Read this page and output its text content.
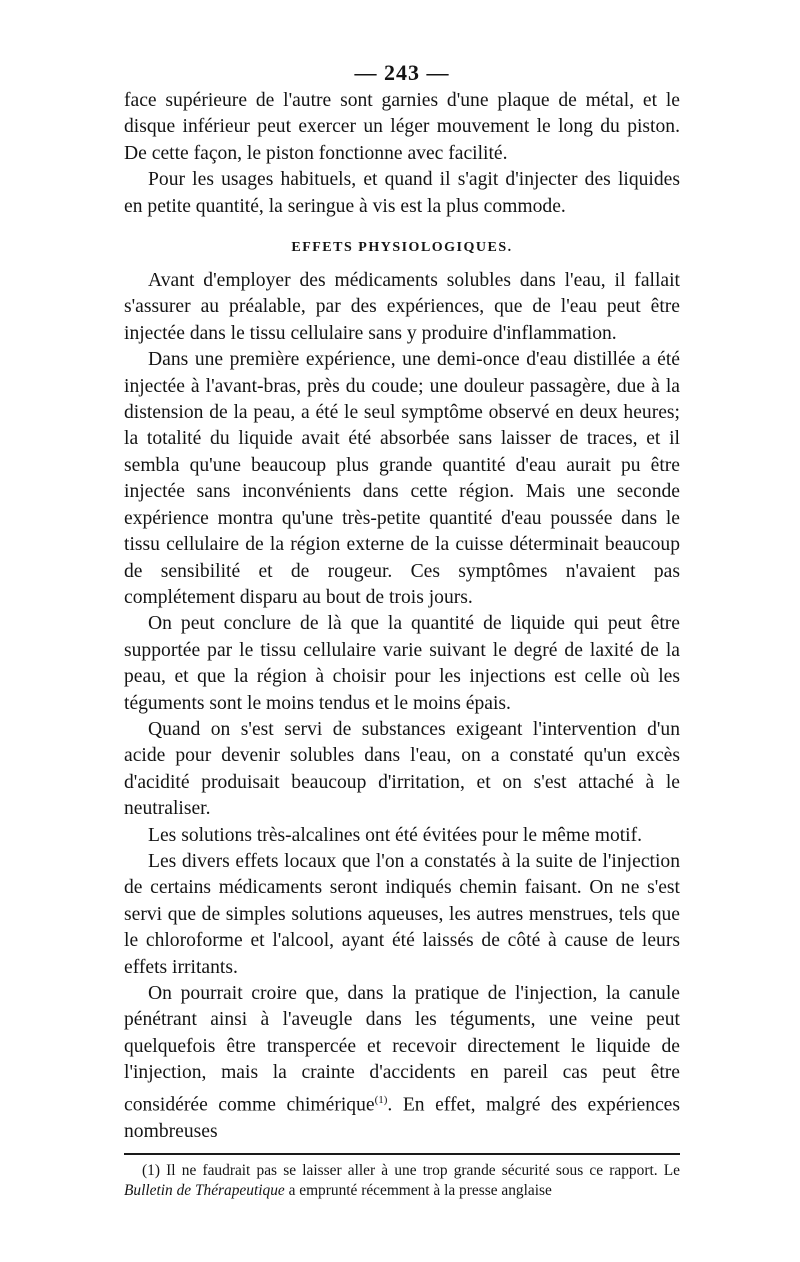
— 243 —

face supérieure de l'autre sont garnies d'une plaque de métal, et le disque inférieur peut exercer un léger mouvement le long du piston. De cette façon, le piston fonctionne avec facilité.

Pour les usages habituels, et quand il s'agit d'injecter des liquides en petite quantité, la seringue à vis est la plus commode.

EFFETS PHYSIOLOGIQUES.

Avant d'employer des médicaments solubles dans l'eau, il fallait s'assurer au préalable, par des expériences, que de l'eau peut être injectée dans le tissu cellulaire sans y produire d'inflammation.

Dans une première expérience, une demi-once d'eau distillée a été injectée à l'avant-bras, près du coude; une douleur passagère, due à la distension de la peau, a été le seul symptôme observé en deux heures; la totalité du liquide avait été absorbée sans laisser de traces, et il sembla qu'une beaucoup plus grande quantité d'eau aurait pu être injectée sans inconvénients dans cette région. Mais une seconde expérience montra qu'une très-petite quantité d'eau poussée dans le tissu cellulaire de la région externe de la cuisse déterminait beaucoup de sensibilité et de rougeur. Ces symptômes n'avaient pas complétement disparu au bout de trois jours.

On peut conclure de là que la quantité de liquide qui peut être supportée par le tissu cellulaire varie suivant le degré de laxité de la peau, et que la région à choisir pour les injections est celle où les téguments sont le moins tendus et le moins épais.

Quand on s'est servi de substances exigeant l'intervention d'un acide pour devenir solubles dans l'eau, on a constaté qu'un excès d'acidité produisait beaucoup d'irritation, et on s'est attaché à le neutraliser.

Les solutions très-alcalines ont été évitées pour le même motif.

Les divers effets locaux que l'on a constatés à la suite de l'injection de certains médicaments seront indiqués chemin faisant. On ne s'est servi que de simples solutions aqueuses, les autres menstrues, tels que le chloroforme et l'alcool, ayant été laissés de côté à cause de leurs effets irritants.

On pourrait croire que, dans la pratique de l'injection, la canule pénétrant ainsi à l'aveugle dans les téguments, une veine peut quelquefois être transpercée et recevoir directement le liquide de l'injection, mais la crainte d'accidents en pareil cas peut être considérée comme chimérique$^{(1)}$. En effet, malgré des expériences nombreuses

(1) Il ne faudrait pas se laisser aller à une trop grande sécurité sous ce rapport. Le Bulletin de Thérapeutique a emprunté récemment à la presse anglaise
